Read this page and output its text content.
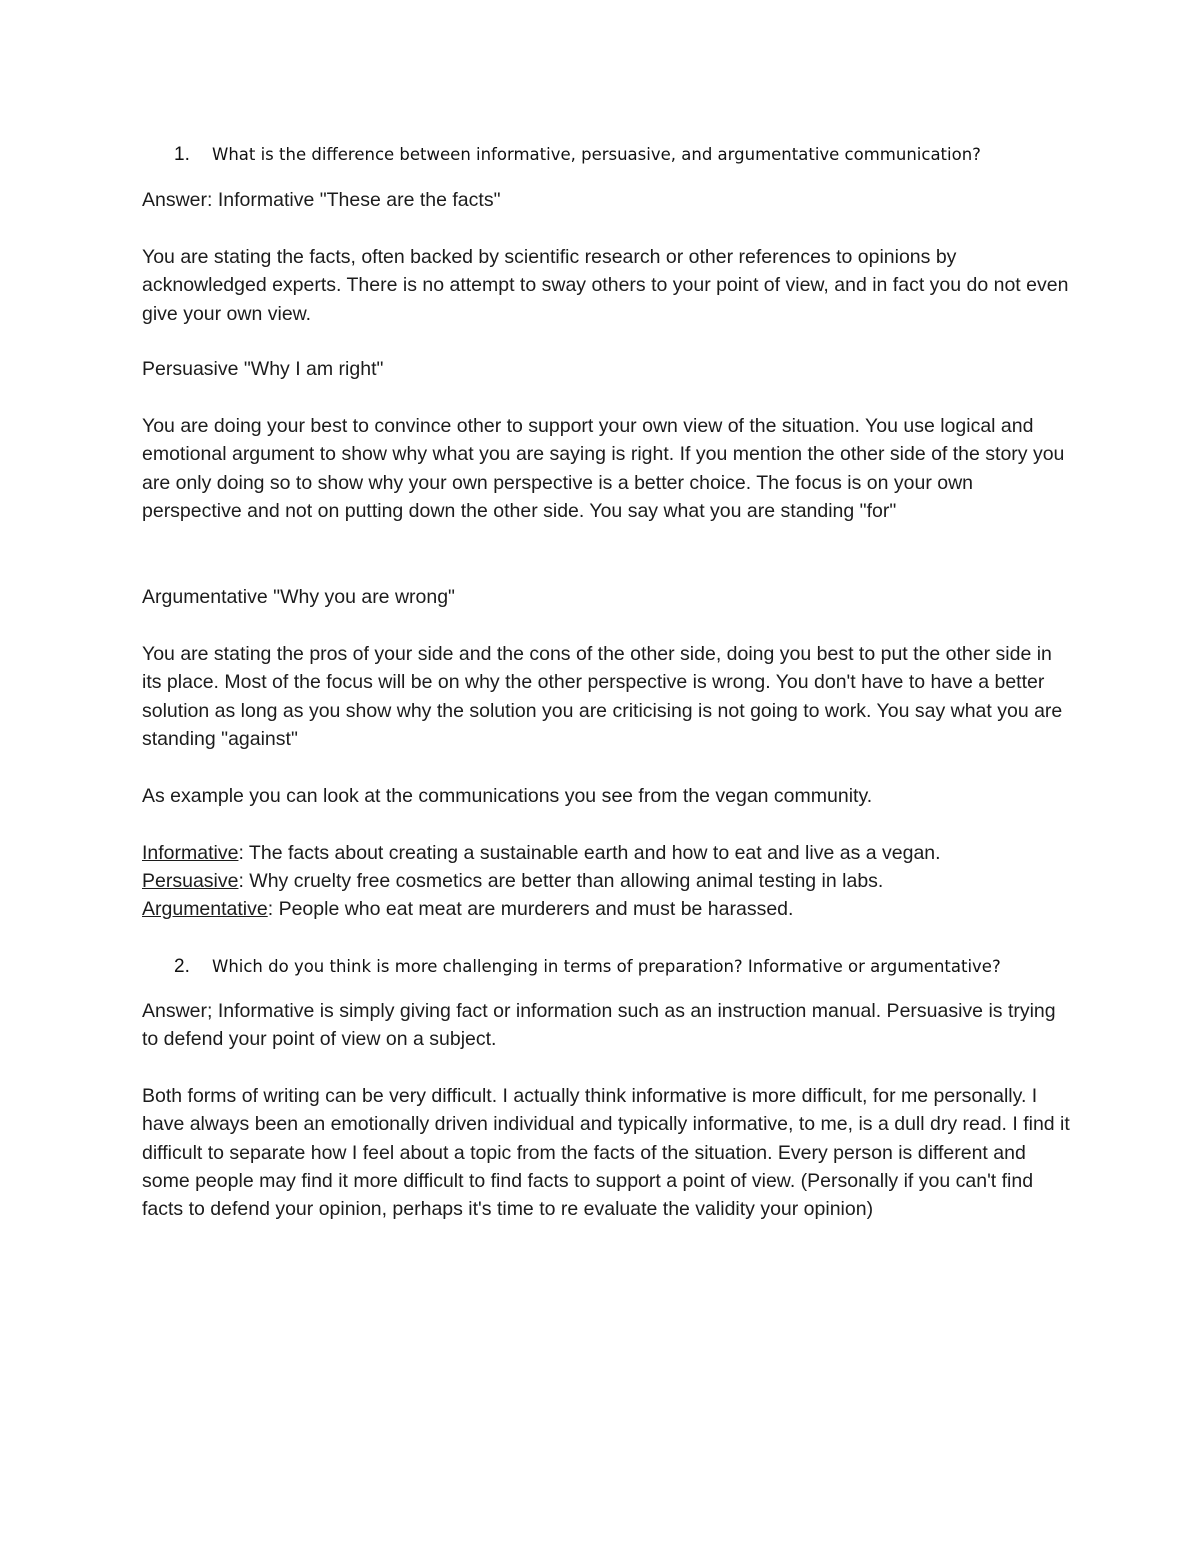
1. What is the difference between informative, persuasive, and argumentative communication?

Answer: Informative "These are the facts"

You are stating the facts, often backed by scientific research or other references to opinions by acknowledged experts. There is no attempt to sway others to your point of view, and in fact you do not even give your own view.

Persuasive "Why I am right"

You are doing your best to convince other to support your own view of the situation. You use logical and emotional argument to show why what you are saying is right. If you mention the other side of the story you are only doing so to show why your own perspective is a better choice. The focus is on your own perspective and not on putting down the other side. You say what you are standing "for"

Argumentative "Why you are wrong"

You are stating the pros of your side and the cons of the other side, doing you best to put the other side in its place. Most of the focus will be on why the other perspective is wrong. You don't have to have a better solution as long as you show why the solution you are criticising is not going to work. You say what you are standing "against"

As example you can look at the communications you see from the vegan community.

Informative: The facts about creating a sustainable earth and how to eat and live as a vegan.

Persuasive: Why cruelty free cosmetics are better than allowing animal testing in labs.

Argumentative: People who eat meat are murderers and must be harassed.

2. Which do you think is more challenging in terms of preparation? Informative or argumentative?

Answer; Informative is simply giving fact or information such as an instruction manual. Persuasive is trying to defend your point of view on a subject.

Both forms of writing can be very difficult. I actually think informative is more difficult, for me personally. I have always been an emotionally driven individual and typically informative, to me, is a dull dry read. I find it difficult to separate how I feel about a topic from the facts of the situation. Every person is different and some people may find it more difficult to find facts to support a point of view. (Personally if you can't find facts to defend your opinion, perhaps it's time to re evaluate the validity your opinion)
